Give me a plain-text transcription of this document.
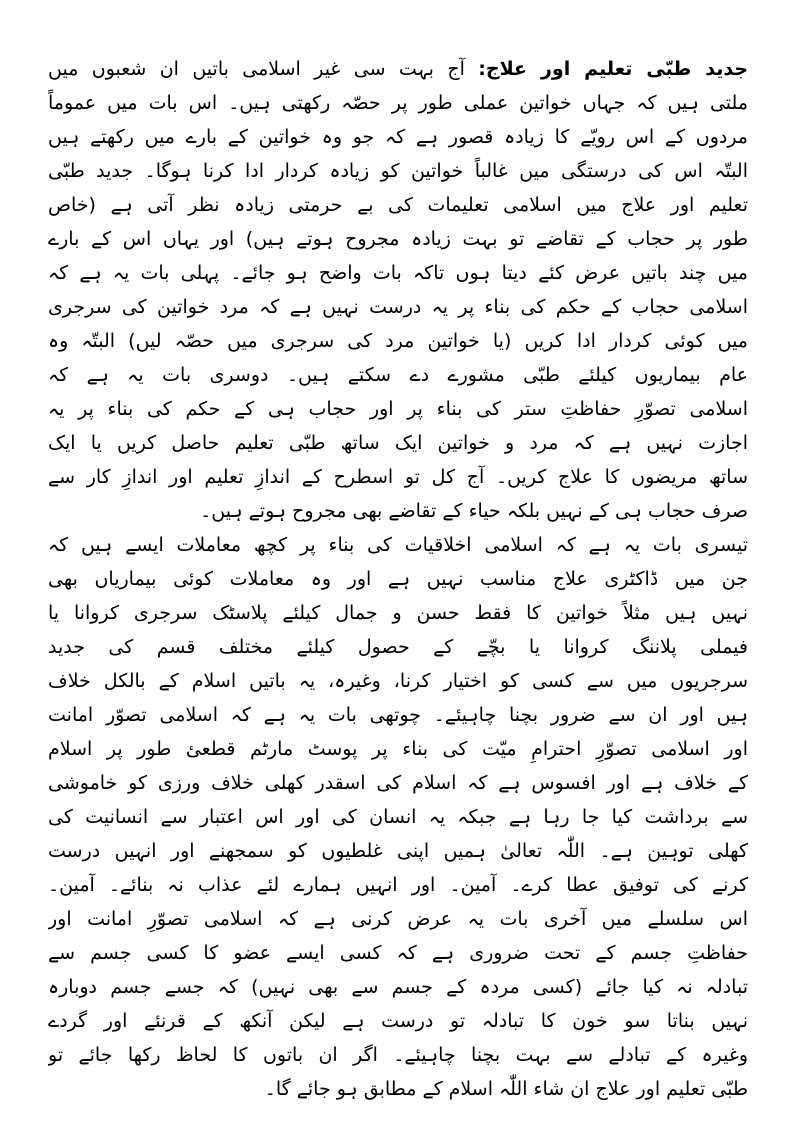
جدید طبّی تعلیم اور علاج: آج بہت سی غیر اسلامی باتیں ان شعبوں میں
ملتی ہیں کہ جہاں خواتین عملی طور پر حصّہ رکھتی ہیں۔ اس بات میں عموماً
مردوں کے اس رویّے کا زیادہ قصور ہے کہ جو وہ خواتین کے بارے میں رکھتے ہیں
البتّہ اس کی درستگی میں غالباً خواتین کو زیادہ کردار ادا کرنا ہوگا۔ جدید طبّی
تعلیم اور علاج میں اسلامی تعلیمات کی بے حرمتی زیادہ نظر آتی ہے (خاص
طور پر حجاب کے تقاضے تو بہت زیادہ مجروح ہوتے ہیں) اور یہاں اس کے بارے
میں چند باتیں عرض کئے دیتا ہوں تاکہ بات واضح ہو جائے۔ پہلی بات یہ ہے کہ
اسلامی حجاب کے حکم کی بناء پر یہ درست نہیں ہے کہ مرد خواتین کی سرجری
میں کوئی کردار ادا کریں (یا خواتین مرد کی سرجری میں حصّہ لیں) البتّہ وہ
عام بیماریوں کیلئے طبّی مشورے دے سکتے ہیں۔ دوسری بات یہ ہے کہ
اسلامی تصوّرِ حفاظتِ ستر کی بناء پر اور حجاب ہی کے حکم کی بناء پر یہ
اجازت نہیں ہے کہ مرد و خواتین ایک ساتھ طبّی تعلیم حاصل کریں یا ایک
ساتھ مریضوں کا علاج کریں۔ آج کل تو اسطرح کے اندازِ تعلیم اور اندازِ کار سے
صرف حجاب ہی کے نہیں بلکہ حیاء کے تقاضے بھی مجروح ہوتے ہیں۔
تیسری بات یہ ہے کہ اسلامی اخلاقیات کی بناء پر کچھ معاملات ایسے ہیں کہ
جن میں ڈاکٹری علاج مناسب نہیں ہے اور وہ معاملات کوئی بیماریاں بھی
نہیں ہیں مثلاً خواتین کا فقط حسن و جمال کیلئے پلاسٹک سرجری کروانا یا
فیملی پلاننگ کروانا یا بچّے کے حصول کیلئے مختلف قسم کی جدید
سرجریوں میں سے کسی کو اختیار کرنا، وغیرہ، یہ باتیں اسلام کے بالکل خلاف
ہیں اور ان سے ضرور بچنا چاہیئے۔ چوتھی بات یہ ہے کہ اسلامی تصوّر امانت
اور اسلامی تصوّرِ احترامِ میّت کی بناء پر پوسٹ مارٹم قطعئ طور پر اسلام
کے خلاف ہے اور افسوس ہے کہ اسلام کی اسقدر کھلی خلاف ورزی کو خاموشی
سے برداشت کیا جا رہا ہے جبکہ یہ انسان کی اور اس اعتبار سے انسانیت کی
کھلی توہین ہے۔ اللّٰہ تعالیٰ ہمیں اپنی غلطیوں کو سمجھنے اور انہیں درست
کرنے کی توفیق عطا کرے۔ آمین۔ اور انہیں ہمارے لئے عذاب نہ بنائے۔ آمین۔
اس سلسلے میں آخری بات یہ عرض کرنی ہے کہ اسلامی تصوّرِ امانت اور
حفاظتِ جسم کے تحت ضروری ہے کہ کسی ایسے عضو کا کسی جسم سے
تبادلہ نہ کیا جائے (کسی مردہ کے جسم سے بھی نہیں) کہ جسے جسم دوبارہ
نہیں بناتا سو خون کا تبادلہ تو درست ہے لیکن آنکھ کے قرنئے اور گردے
وغیرہ کے تبادلے سے بہت بچنا چاہیئے۔ اگر ان باتوں کا لحاظ رکھا جائے تو
طبّی تعلیم اور علاج ان شاء اللّٰہ اسلام کے مطابق ہو جائے گا۔
